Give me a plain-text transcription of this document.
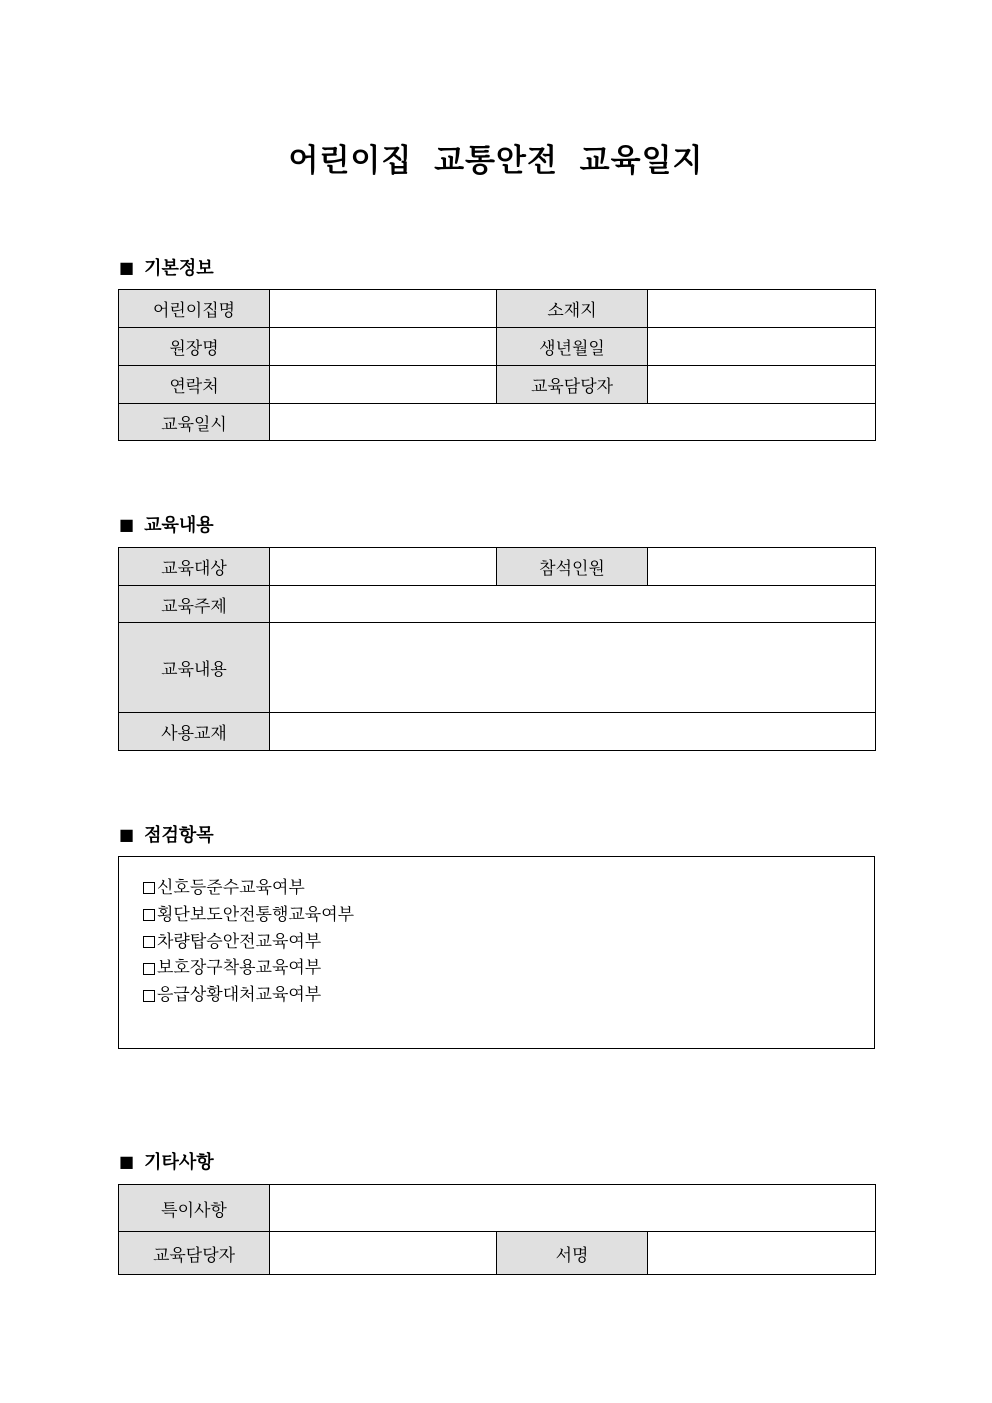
어린이집 교통안전 교육일지
■ 기본정보
어린이집명		소재지	
원장명		생년월일	
연락처		교육담당자	
교육일시			
■ 교육내용
교육대상		참석인원	
교육주제			
교육내용			
사용교재			
■ 점검항목
신호등준수교육여부
횡단보도안전통행교육여부
차량탑승안전교육여부
보호장구착용교육여부
응급상황대처교육여부
■ 기타사항
특이사항			
교육담당자		서명	
